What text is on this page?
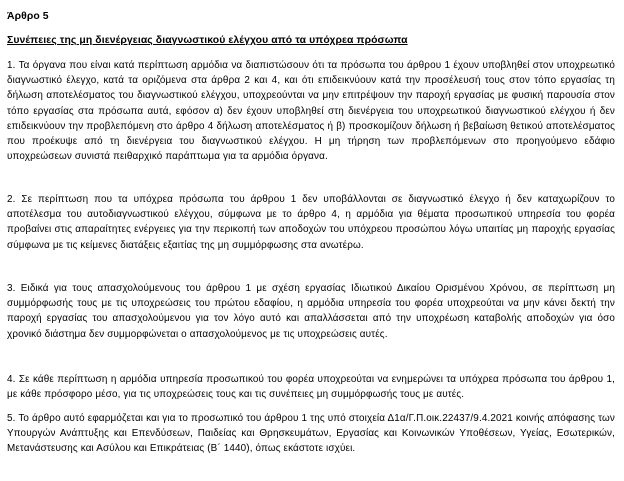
Άρθρο 5
Συνέπειες της μη διενέργειας διαγνωστικού ελέγχου από τα υπόχρεα πρόσωπα
1. Τα όργανα που είναι κατά περίπτωση αρμόδια να διαπιστώσουν ότι τα πρόσωπα του άρθρου 1 έχουν υποβληθεί στον υποχρεωτικό διαγνωστικό έλεγχο, κατά τα οριζόμενα στα άρθρα 2 και 4, και ότι επιδεικνύουν κατά την προσέλευσή τους στον τόπο εργασίας τη δήλωση αποτελέσματος του διαγνωστικού ελέγχου, υποχρεούνται να μην επιτρέψουν την παροχή εργασίας με φυσική παρουσία στον τόπο εργασίας στα πρόσωπα αυτά, εφόσον α) δεν έχουν υποβληθεί στη διενέργεια του υποχρεωτικού διαγνωστικού ελέγχου ή δεν επιδεικνύουν την προβλεπόμενη στο άρθρο 4 δήλωση αποτελέσματος ή β) προσκομίζουν δήλωση ή βεβαίωση θετικού αποτελέσματος που προέκυψε από τη διενέργεια του διαγνωστικού ελέγχου. Η μη τήρηση των προβλεπόμενων στο προηγούμενο εδάφιο υποχρεώσεων συνιστά πειθαρχικό παράπτωμα για τα αρμόδια όργανα.
2. Σε περίπτωση που τα υπόχρεα πρόσωπα του άρθρου 1 δεν υποβάλλονται σε διαγνωστικό έλεγχο ή δεν καταχωρίζουν το αποτέλεσμα του αυτοδιαγνωστικού ελέγχου, σύμφωνα με το άρθρο 4, η αρμόδια για θέματα προσωπικού υπηρεσία του φορέα προβαίνει στις απαραίτητες ενέργειες για την περικοπή των αποδοχών του υπόχρεου προσώπου λόγω υπαιτίας μη παροχής εργασίας σύμφωνα με τις κείμενες διατάξεις εξαιτίας της μη συμμόρφωσης στα ανωτέρω.
3. Ειδικά για τους απασχολούμενους του άρθρου 1 με σχέση εργασίας Ιδιωτικού Δικαίου Ορισμένου Χρόνου, σε περίπτωση μη συμμόρφωσής τους με τις υποχρεώσεις του πρώτου εδαφίου, η αρμόδια υπηρεσία του φορέα υποχρεούται να μην κάνει δεκτή την παροχή εργασίας του απασχολούμενου για τον λόγο αυτό και απαλλάσσεται από την υποχρέωση καταβολής αποδοχών για όσο χρονικό διάστημα δεν συμμορφώνεται ο απασχολούμενος με τις υποχρεώσεις αυτές.
4. Σε κάθε περίπτωση η αρμόδια υπηρεσία προσωπικού του φορέα υποχρεούται να ενημερώνει τα υπόχρεα πρόσωπα του άρθρου 1, με κάθε πρόσφορο μέσο, για τις υποχρεώσεις τους και τις συνέπειες μη συμμόρφωσής τους με αυτές.
5. Το άρθρο αυτό εφαρμόζεται και για το προσωπικό του άρθρου 1 της υπό στοιχεία Δ1α/Γ.Π.οικ.22437/9.4.2021 κοινής απόφασης των Υπουργών Ανάπτυξης και Επενδύσεων, Παιδείας και Θρησκευμάτων, Εργασίας και Κοινωνικών Υποθέσεων, Υγείας, Εσωτερικών, Μετανάστευσης και Ασύλου και Επικράτειας (Β΄ 1440), όπως εκάστοτε ισχύει.
